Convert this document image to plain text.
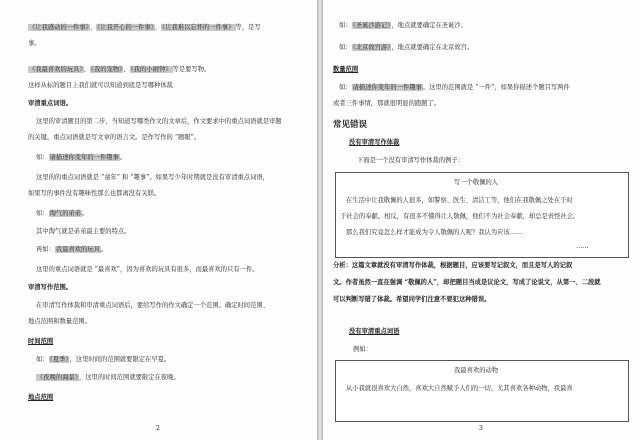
《让我感动的一件事》、《让我开心的一件事》、《让我难以忘怀的一件事》等，是写
事。
《我最喜欢的玩具》、《我的宠物》、《我的小闹钟》等是要写物。
这样从标的题目上我们就可以知道到底是写哪种体裁
审清重点词语。
这里的审清题目的第二步，当知道写哪类作文的文章后，作文要求中的重点词语就是审题
的关键。重点词语就是写文章的语言文。是作写作的 “题眼”。
如：请描述你变年的一件趣事。
这里的的重点词语就是 “童年” 和 “趣事”。如果写少年时期就是没有审清重点词语，
如果写的事件没有趣味性那么也都离没有关联。
如：淘气的弟弟。
其中淘气就是弟弟最主要的特点。
再如：我最喜欢的玩具。
这里的重点词语就是 “最喜欢”，因为喜欢的玩具有很多，而最喜欢的只有一件。
审清写作范围。
在审清写作体裁和审清重点词语后，要给写作的作文确定一个范围。确定时间范围、
地点范围和数量范围。
时间范围
如：《夏季》，这里时间的范围就要限定在早夏。
《夜晚的海景》，这里的时间范围就要限定在夜晚。
地点范围
2
如：《圣诞沙游记》，地点就要确定在圣诞沙。
如：《北京故宫游》，地点就要确定在北京故宫。
数量范围
如：请描述你变年的一件趣事。这里的范围就是 “一件”，如果你描述个题目写两件
或者三件事情，那就很明显的跑题了。
常见错误
没有审清写作体裁
下面是一个没有审清写作体裁的例子：
写一个敬佩的人
在生活中让我敬佩的人很多，如警察、医生、清洁工等，他们在我敬佩之处在于时
于社会的奉献。相反，有很多不懂得让人敬佩，他们不为社会奉献，却总是责怪社会。
那么我们究竟怎么样才能成为令人敬佩的人呢？我认为应该……
……
分析：这篇文章就没有审清写作体裁，根据题目，应该要写记叙文，而且是写人的记叙
文。作者虽然一直在强调 “敬佩的人”，却把题目当成是议论文，写成了论说文，从第一、二段就
可以判断写错了体裁。希望同学们注意不要犯这种错误。
没有审清重点词语
例如：
我最喜欢的动物
从小我就很喜欢大自然，喜欢大自然赋予人们的一切，尤其喜欢各种动物，我最喜
3
